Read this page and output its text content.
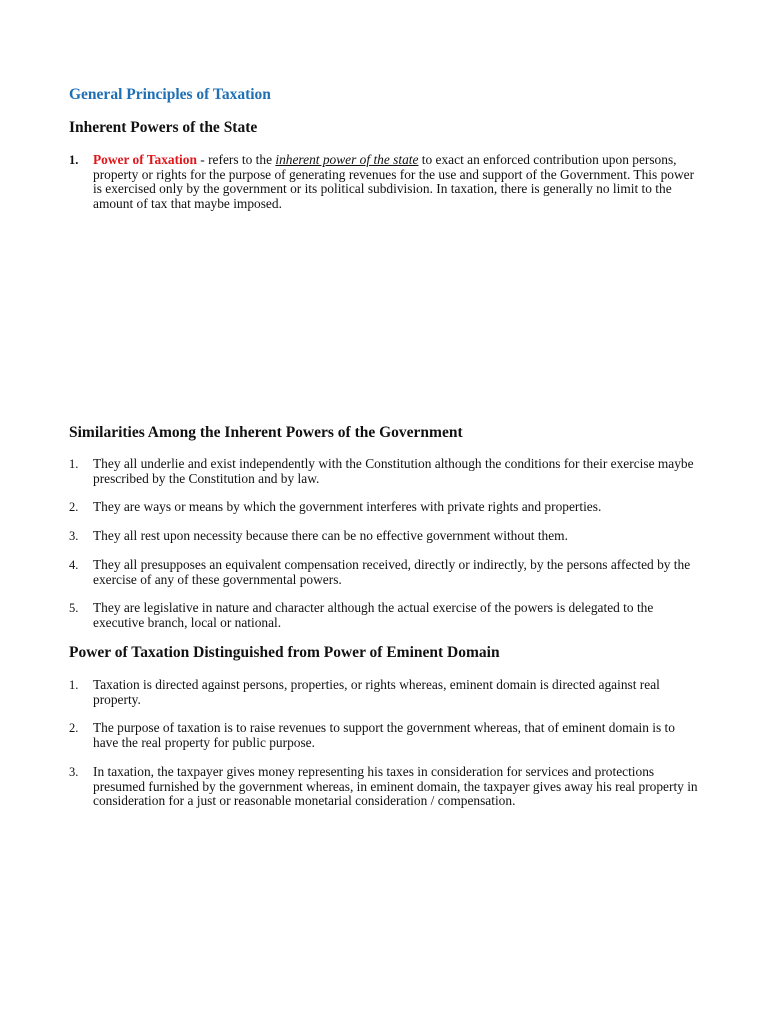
General Principles of Taxation
Inherent Powers of the State
1. Power of Taxation - refers to the inherent power of the state to exact an enforced contribution upon persons, property or rights for the purpose of generating revenues for the use and support of the Government. This power is exercised only by the government or its political subdivision. In taxation, there is generally no limit to the amount of tax that maybe imposed.
Similarities Among the Inherent Powers of the Government
1. They all underlie and exist independently with the Constitution although the conditions for their exercise maybe prescribed by the Constitution and by law.
2. They are ways or means by which the government interferes with private rights and properties.
3. They all rest upon necessity because there can be no effective government without them.
4. They all presupposes an equivalent compensation received, directly or indirectly, by the persons affected by the exercise of any of these governmental powers.
5. They are legislative in nature and character although the actual exercise of the powers is delegated to the executive branch, local or national.
Power of Taxation Distinguished from Power of Eminent Domain
1. Taxation is directed against persons, properties, or rights whereas, eminent domain is directed against real property.
2. The purpose of taxation is to raise revenues to support the government whereas, that of eminent domain is to have the real property for public purpose.
3. In taxation, the taxpayer gives money representing his taxes in consideration for services and protections presumed furnished by the government whereas, in eminent domain, the taxpayer gives away his real property in consideration for a just or reasonable monetarial consideration / compensation.
